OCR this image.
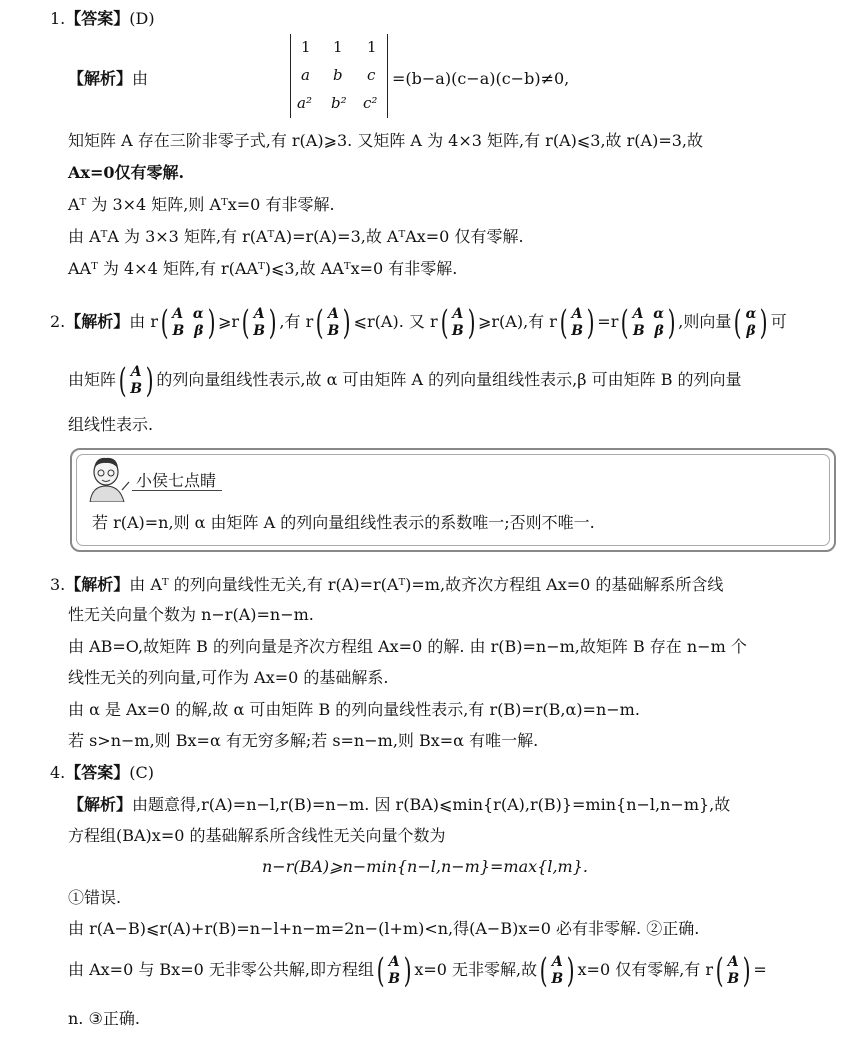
1.【答案】(D)
【解析】由
1 1 1
a b c
a² b² c²
=(b−a)(c−a)(c−b)≠0,
知矩阵 A 存在三阶非零子式,有 r(A)⩾3. 又矩阵 A 为 4×3 矩阵,有 r(A)⩽3,故 r(A)=3,故
Ax=0仅有零解.
Aᵀ 为 3×4 矩阵,则 Aᵀx=0 有非零解.
由 AᵀA 为 3×3 矩阵,有 r(AᵀA)=r(A)=3,故 AᵀAx=0 仅有零解.
AAᵀ 为 4×4 矩阵,有 r(AAᵀ)⩽3,故 AAᵀx=0 有非零解.
2.【解析】由 r( A α
B β ) ⩾r( A
B ) ,有 r( A
B ) ⩽r(A). 又 r( A
B ) ⩾r(A),有 r( A
B ) =r( A α
B β ) ,则向量( α
β ) 可
由矩阵( A
B ) 的列向量组线性表示,故 α 可由矩阵 A 的列向量组线性表示,β 可由矩阵 B 的列向量
组线性表示.
小侯七点睛
若 r(A)=n,则 α 由矩阵 A 的列向量组线性表示的系数唯一;否则不唯一.
3.【解析】由 Aᵀ 的列向量线性无关,有 r(A)=r(Aᵀ)=m,故齐次方程组 Ax=0 的基础解系所含线
性无关向量个数为 n−r(A)=n−m.
由 AB=O,故矩阵 B 的列向量是齐次方程组 Ax=0 的解. 由 r(B)=n−m,故矩阵 B 存在 n−m 个
线性无关的列向量,可作为 Ax=0 的基础解系.
由 α 是 Ax=0 的解,故 α 可由矩阵 B 的列向量线性表示,有 r(B)=r(B,α)=n−m.
若 s>n−m,则 Bx=α 有无穷多解;若 s=n−m,则 Bx=α 有唯一解.
4.【答案】(C)
【解析】由题意得,r(A)=n−l,r(B)=n−m. 因 r(BA)⩽min{r(A),r(B)}=min{n−l,n−m},故
方程组(BA)x=0 的基础解系所含线性无关向量个数为
n−r(BA)⩾n−min{n−l,n−m}=max{l,m}.
①错误.
由 r(A−B)⩽r(A)+r(B)=n−l+n−m=2n−(l+m)<n,得(A−B)x=0 必有非零解. ②正确.
由 Ax=0 与 Bx=0 无非零公共解,即方程组( A
B ) x=0 无非零解,故( A
B ) x=0 仅有零解,有 r( A
B ) =
n. ③正确.
